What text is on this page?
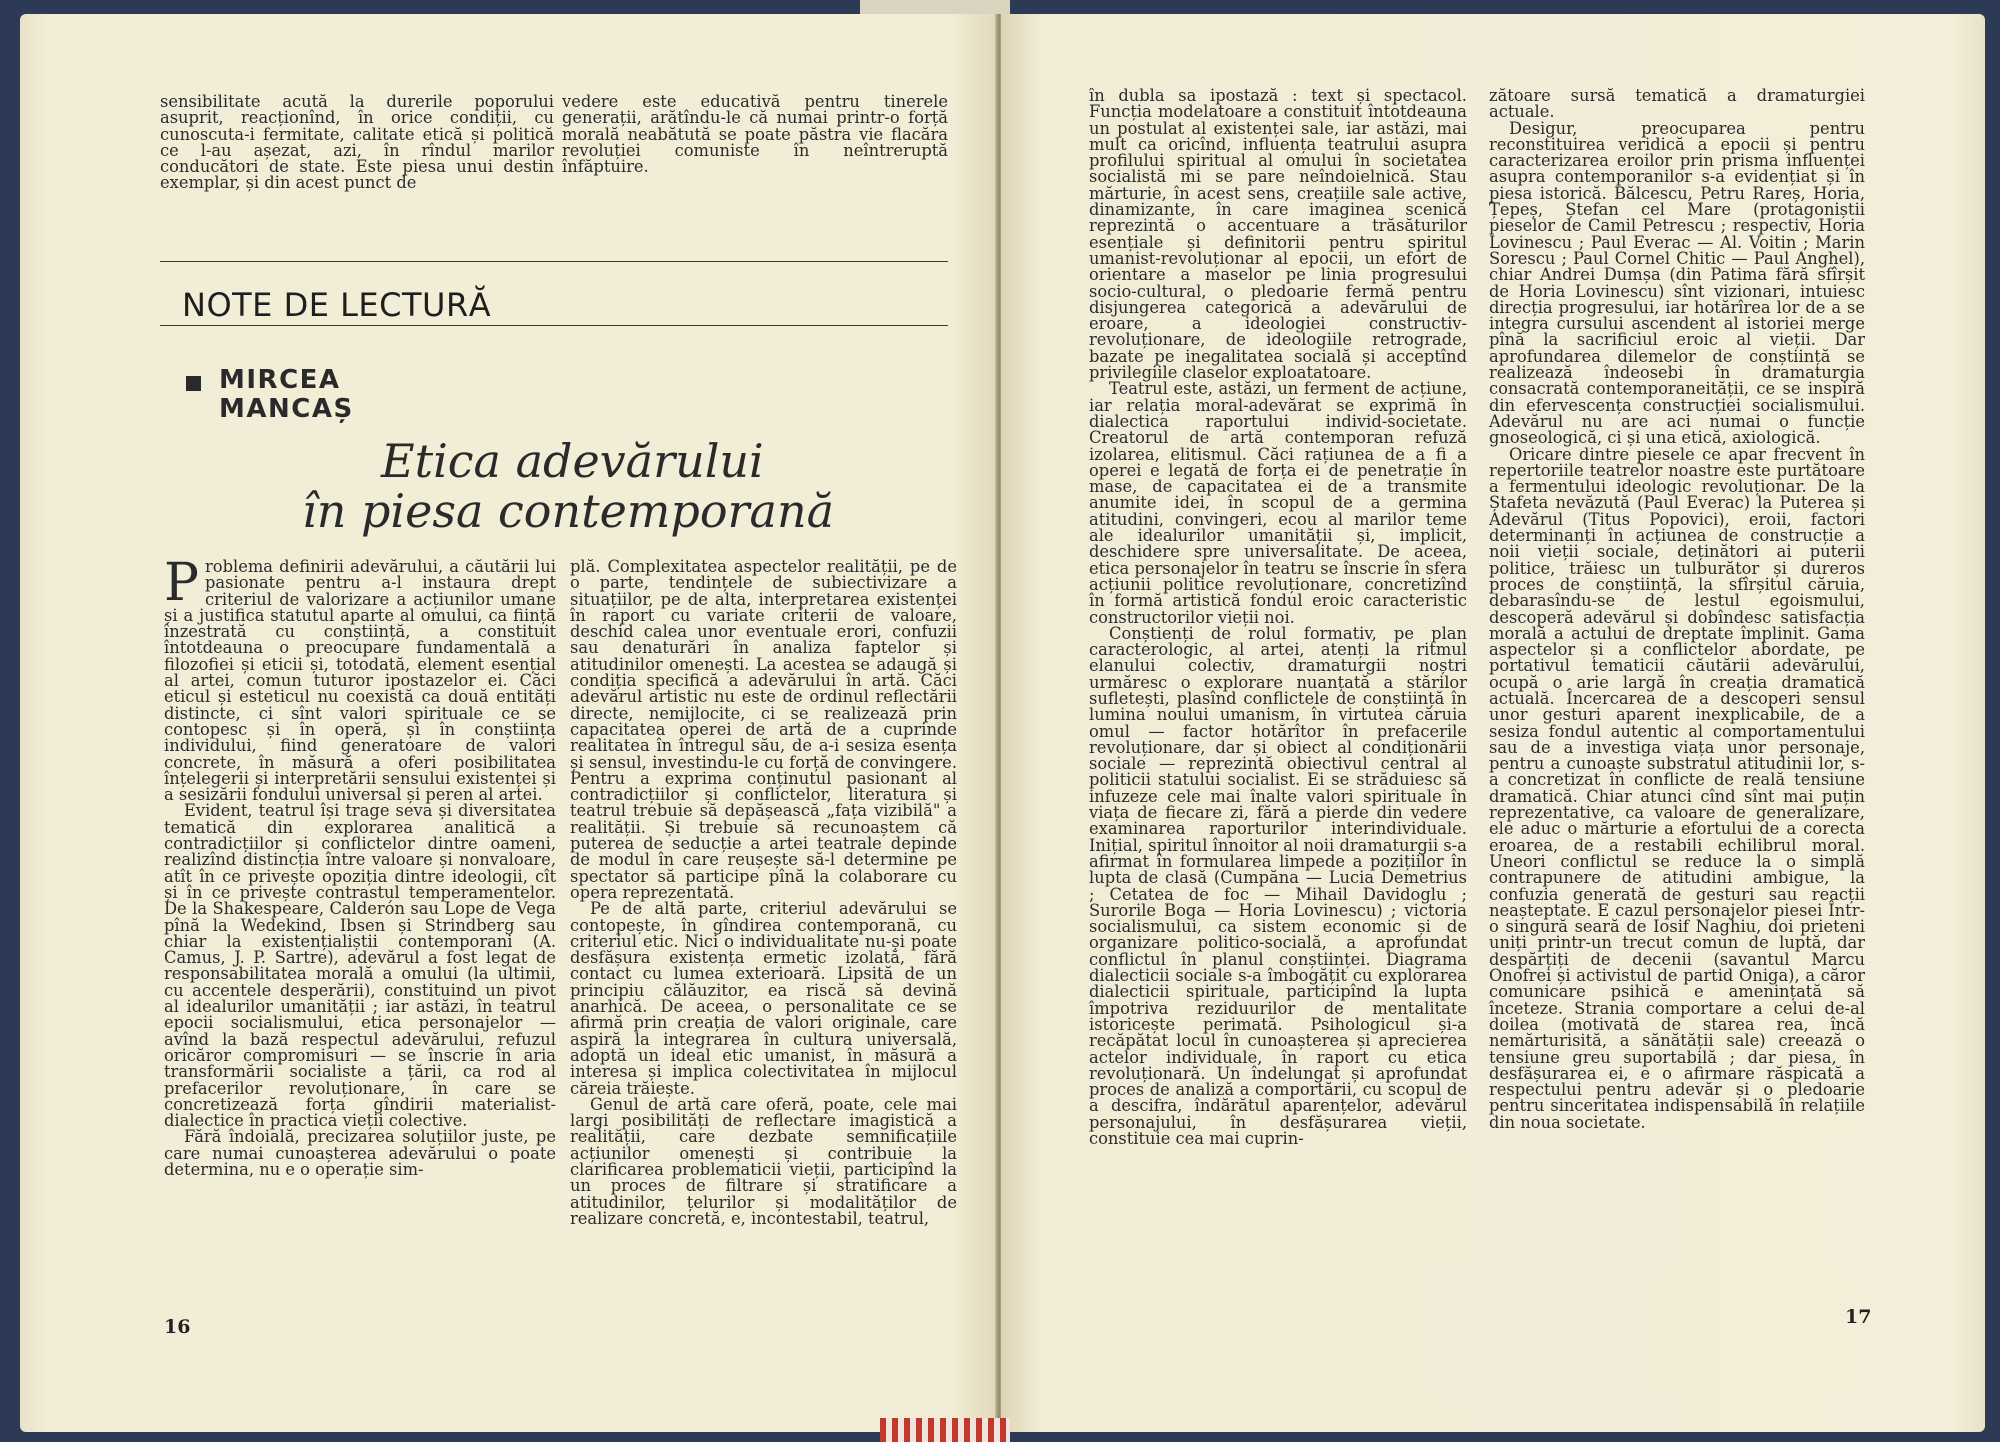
sensibilitate acută la durerile poporului asuprit, reacționînd, în orice condiții, cu cunoscuta-i fermitate, calitate etică și politică ce l-au așezat, azi, în rîndul marilor conducători de state. Este piesa unui destin exemplar, și din acest punct de

vedere este educativă pentru tinerele generații, arătîndu-le că numai printr-o forță morală neabătută se poate păstra vie flacăra revoluției comuniste în neîntreruptă înfăptuire.

NOTE DE LECTURĂ
MIRCEA
MANCAȘ
Etica adevărului
în piesa contemporană

P roblema definirii adevărului, a căutării lui pasionate pentru a-l instaura drept criteriul de valorizare a acțiunilor umane și a justifica statutul aparte al omului, ca ființă înzestrată cu conștiință, a constituit întotdeauna o preocupare fundamentală a filozofiei și eticii și, totodată, element esențial al artei, comun tuturor ipostazelor ei. Căci eticul și esteticul nu coexistă ca două entități distincte, ci sînt valori spirituale ce se contopesc și în operă, și în conștiința individului, fiind generatoare de valori concrete, în măsură a oferi posibilitatea înțelegerii și interpretării sensului existenței și a sesizării fondului universal și peren al artei.

Evident, teatrul își trage seva și diversitatea tematică din explorarea analitică a contradicțiilor și conflictelor dintre oameni, realizînd distincția între valoare și nonvaloare, atît în ce privește opoziția dintre ideologii, cît și în ce privește contrastul temperamentelor. De la Shakespeare, Calderón sau Lope de Vega pînă la Wedekind, Ibsen și Strindberg sau chiar la existențialiștii contemporani (A. Camus, J. P. Sartre), adevărul a fost legat de responsabilitatea morală a omului (la ultimii, cu accentele desperării), constituind un pivot al idealurilor umanității ; iar astăzi, în teatrul epocii socialismului, etica personajelor — avînd la bază respectul adevărului, refuzul oricăror compromisuri — se înscrie în aria transformării socialiste a țării, ca rod al prefacerilor revoluționare, în care se concretizează forța gîndirii materialist-dialectice în practica vieții colective.

Fără îndoială, precizarea soluțiilor juste, pe care numai cunoașterea adevărului o poate determina, nu e o operație sim-

plă. Complexitatea aspectelor realității, pe de o parte, tendințele de subiectivizare a situațiilor, pe de alta, interpretarea existenței în raport cu variate criterii de valoare, deschid calea unor eventuale erori, confuzii sau denaturări în analiza faptelor și atitudinilor omenești. La acestea se adaugă și condiția specifică a adevărului în artă. Căci adevărul artistic nu este de ordinul reflectării directe, nemijlocite, ci se realizează prin capacitatea operei de artă de a cuprinde realitatea în întregul său, de a-i sesiza esența și sensul, investindu-le cu forță de convingere. Pentru a exprima conținutul pasionant al contradicțiilor și conflictelor, literatura și teatrul trebuie să depășească „fața vizibilă" a realității. Și trebuie să recunoaștem că puterea de seducție a artei teatrale depinde de modul în care reușește să-l determine pe spectator să participe pînă la colaborare cu opera reprezentată.

Pe de altă parte, criteriul adevărului se contopește, în gîndirea contemporană, cu criteriul etic. Nici o individualitate nu-și poate desfășura existența ermetic izolată, fără contact cu lumea exterioară. Lipsită de un principiu călăuzitor, ea riscă să devină anarhică. De aceea, o personalitate ce se afirmă prin creația de valori originale, care aspiră la integrarea în cultura universală, adoptă un ideal etic umanist, în măsură a interesa și implica colectivitatea în mijlocul căreia trăiește.

Genul de artă care oferă, poate, cele mai largi posibilități de reflectare imagistică a realității, care dezbate semnificațiile acțiunilor omenești și contribuie la clarificarea problematicii vieții, participînd la un proces de filtrare și stratificare a atitudinilor, țelurilor și modalităților de realizare concretă, e, incontestabil, teatrul,

16

în dubla sa ipostază : text și spectacol. Funcția modelatoare a constituit întotdeauna un postulat al existenței sale, iar astăzi, mai mult ca oricînd, influența teatrului asupra profilului spiritual al omului în societatea socialistă mi se pare neîndoielnică. Stau mărturie, în acest sens, creațiile sale active, dinamizante, în care imaginea scenică reprezintă o accentuare a trăsăturilor esențiale și definitorii pentru spiritul umanist-revoluționar al epocii, un efort de orientare a maselor pe linia progresului socio-cultural, o pledoarie fermă pentru disjungerea categorică a adevărului de eroare, a ideologiei constructiv-revoluționare, de ideologiile retrograde, bazate pe inegalitatea socială și acceptînd privilegiile claselor exploatatoare.

Teatrul este, astăzi, un ferment de acțiune, iar relația moral-adevărat se exprimă în dialectica raportului individ-societate. Creatorul de artă contemporan refuză izolarea, elitismul. Căci rațiunea de a fi a operei e legată de forța ei de penetrație în mase, de capacitatea ei de a transmite anumite idei, în scopul de a germina atitudini, convingeri, ecou al marilor teme ale idealurilor umanității și, implicit, deschidere spre universalitate. De aceea, etica personajelor în teatru se înscrie în sfera acțiunii politice revoluționare, concretizînd în formă artistică fondul eroic caracteristic constructorilor vieții noi.

Conștienți de rolul formativ, pe plan caracterologic, al artei, atenți la ritmul elanului colectiv, dramaturgii noștri urmăresc o explorare nuanțată a stărilor sufletești, plasînd conflictele de conștiință în lumina noului umanism, în virtutea căruia omul — factor hotărîtor în prefacerile revoluționare, dar și obiect al condiționării sociale — reprezintă obiectivul central al politicii statului socialist. Ei se străduiesc să infuzeze cele mai înalte valori spirituale în viața de fiecare zi, fără a pierde din vedere examinarea raporturilor interindividuale. Inițial, spiritul înnoitor al noii dramaturgii s-a afirmat în formularea limpede a pozițiilor în lupta de clasă (Cumpăna — Lucia Demetrius ; Cetatea de foc — Mihail Davidoglu ; Surorile Boga — Horia Lovinescu) ; victoria socialismului, ca sistem economic și de organizare politico-socială, a aprofundat conflictul în planul conștiinței. Diagrama dialecticii sociale s-a îmbogățit cu explorarea dialecticii spirituale, participînd la lupta împotriva reziduurilor de mentalitate istoricește perimată. Psihologicul și-a recăpătat locul în cunoașterea și aprecierea actelor individuale, în raport cu etica revoluționară. Un îndelungat și aprofundat proces de analiză a comportării, cu scopul de a descifra, îndărătul aparențelor, adevărul personajului, în desfășurarea vieții, constituie cea mai cuprin-

zătoare sursă tematică a dramaturgiei actuale.

Desigur, preocuparea pentru reconstituirea veridică a epocii și pentru caracterizarea eroilor prin prisma influenței asupra contemporanilor s-a evidențiat și în piesa istorică. Bălcescu, Petru Rareș, Horia, Țepeș, Ștefan cel Mare (protagoniștii pieselor de Camil Petrescu ; respectiv, Horia Lovinescu ; Paul Everac — Al. Voitin ; Marin Sorescu ; Paul Cornel Chitic — Paul Anghel), chiar Andrei Dumșa (din Patima fără sfîrșit de Horia Lovinescu) sînt vizionari, intuiesc direcția progresului, iar hotărîrea lor de a se integra cursului ascendent al istoriei merge pînă la sacrificiul eroic al vieții. Dar aprofundarea dilemelor de conștiință se realizează îndeosebi în dramaturgia consacrată contemporaneității, ce se inspiră din efervescența construcției socialismului. Adevărul nu are aci numai o funcție gnoseologică, ci și una etică, axiologică.

Oricare dintre piesele ce apar frecvent în repertoriile teatrelor noastre este purtătoare a fermentului ideologic revoluționar. De la Ștafeta nevăzută (Paul Everac) la Puterea și Adevărul (Titus Popovici), eroii, factori determinanți în acțiunea de construcție a noii vieții sociale, deținători ai puterii politice, trăiesc un tulburător și dureros proces de conștiință, la sfîrșitul căruia, debarasîndu-se de lestul egoismului, descoperă adevărul și dobîndesc satisfacția morală a actului de dreptate împlinit. Gama aspectelor și a conflictelor abordate, pe portativul tematicii căutării adevărului, ocupă o arie largă în creația dramatică actuală. Încercarea de a descoperi sensul unor gesturi aparent inexplicabile, de a sesiza fondul autentic al comportamentului sau de a investiga viața unor personaje, pentru a cunoaște substratul atitudinii lor, s-a concretizat în conflicte de reală tensiune dramatică. Chiar atunci cînd sînt mai puțin reprezentative, ca valoare de generalizare, ele aduc o mărturie a efortului de a corecta eroarea, de a restabili echilibrul moral. Uneori conflictul se reduce la o simplă contrapunere de atitudini ambigue, la confuzia generată de gesturi sau reacții neașteptate. E cazul personajelor piesei Într-o singură seară de Iosif Naghiu, doi prieteni uniți printr-un trecut comun de luptă, dar despărțiți de decenii (savantul Marcu Onofrei și activistul de partid Oniga), a căror comunicare psihică e amenințată să înceteze. Strania comportare a celui de-al doilea (motivată de starea rea, încă nemărturisită, a sănătății sale) creează o tensiune greu suportabilă ; dar piesa, în desfășurarea ei, e o afirmare răspicată a respectului pentru adevăr și o pledoarie pentru sinceritatea indispensabilă în relațiile din noua societate.

17
